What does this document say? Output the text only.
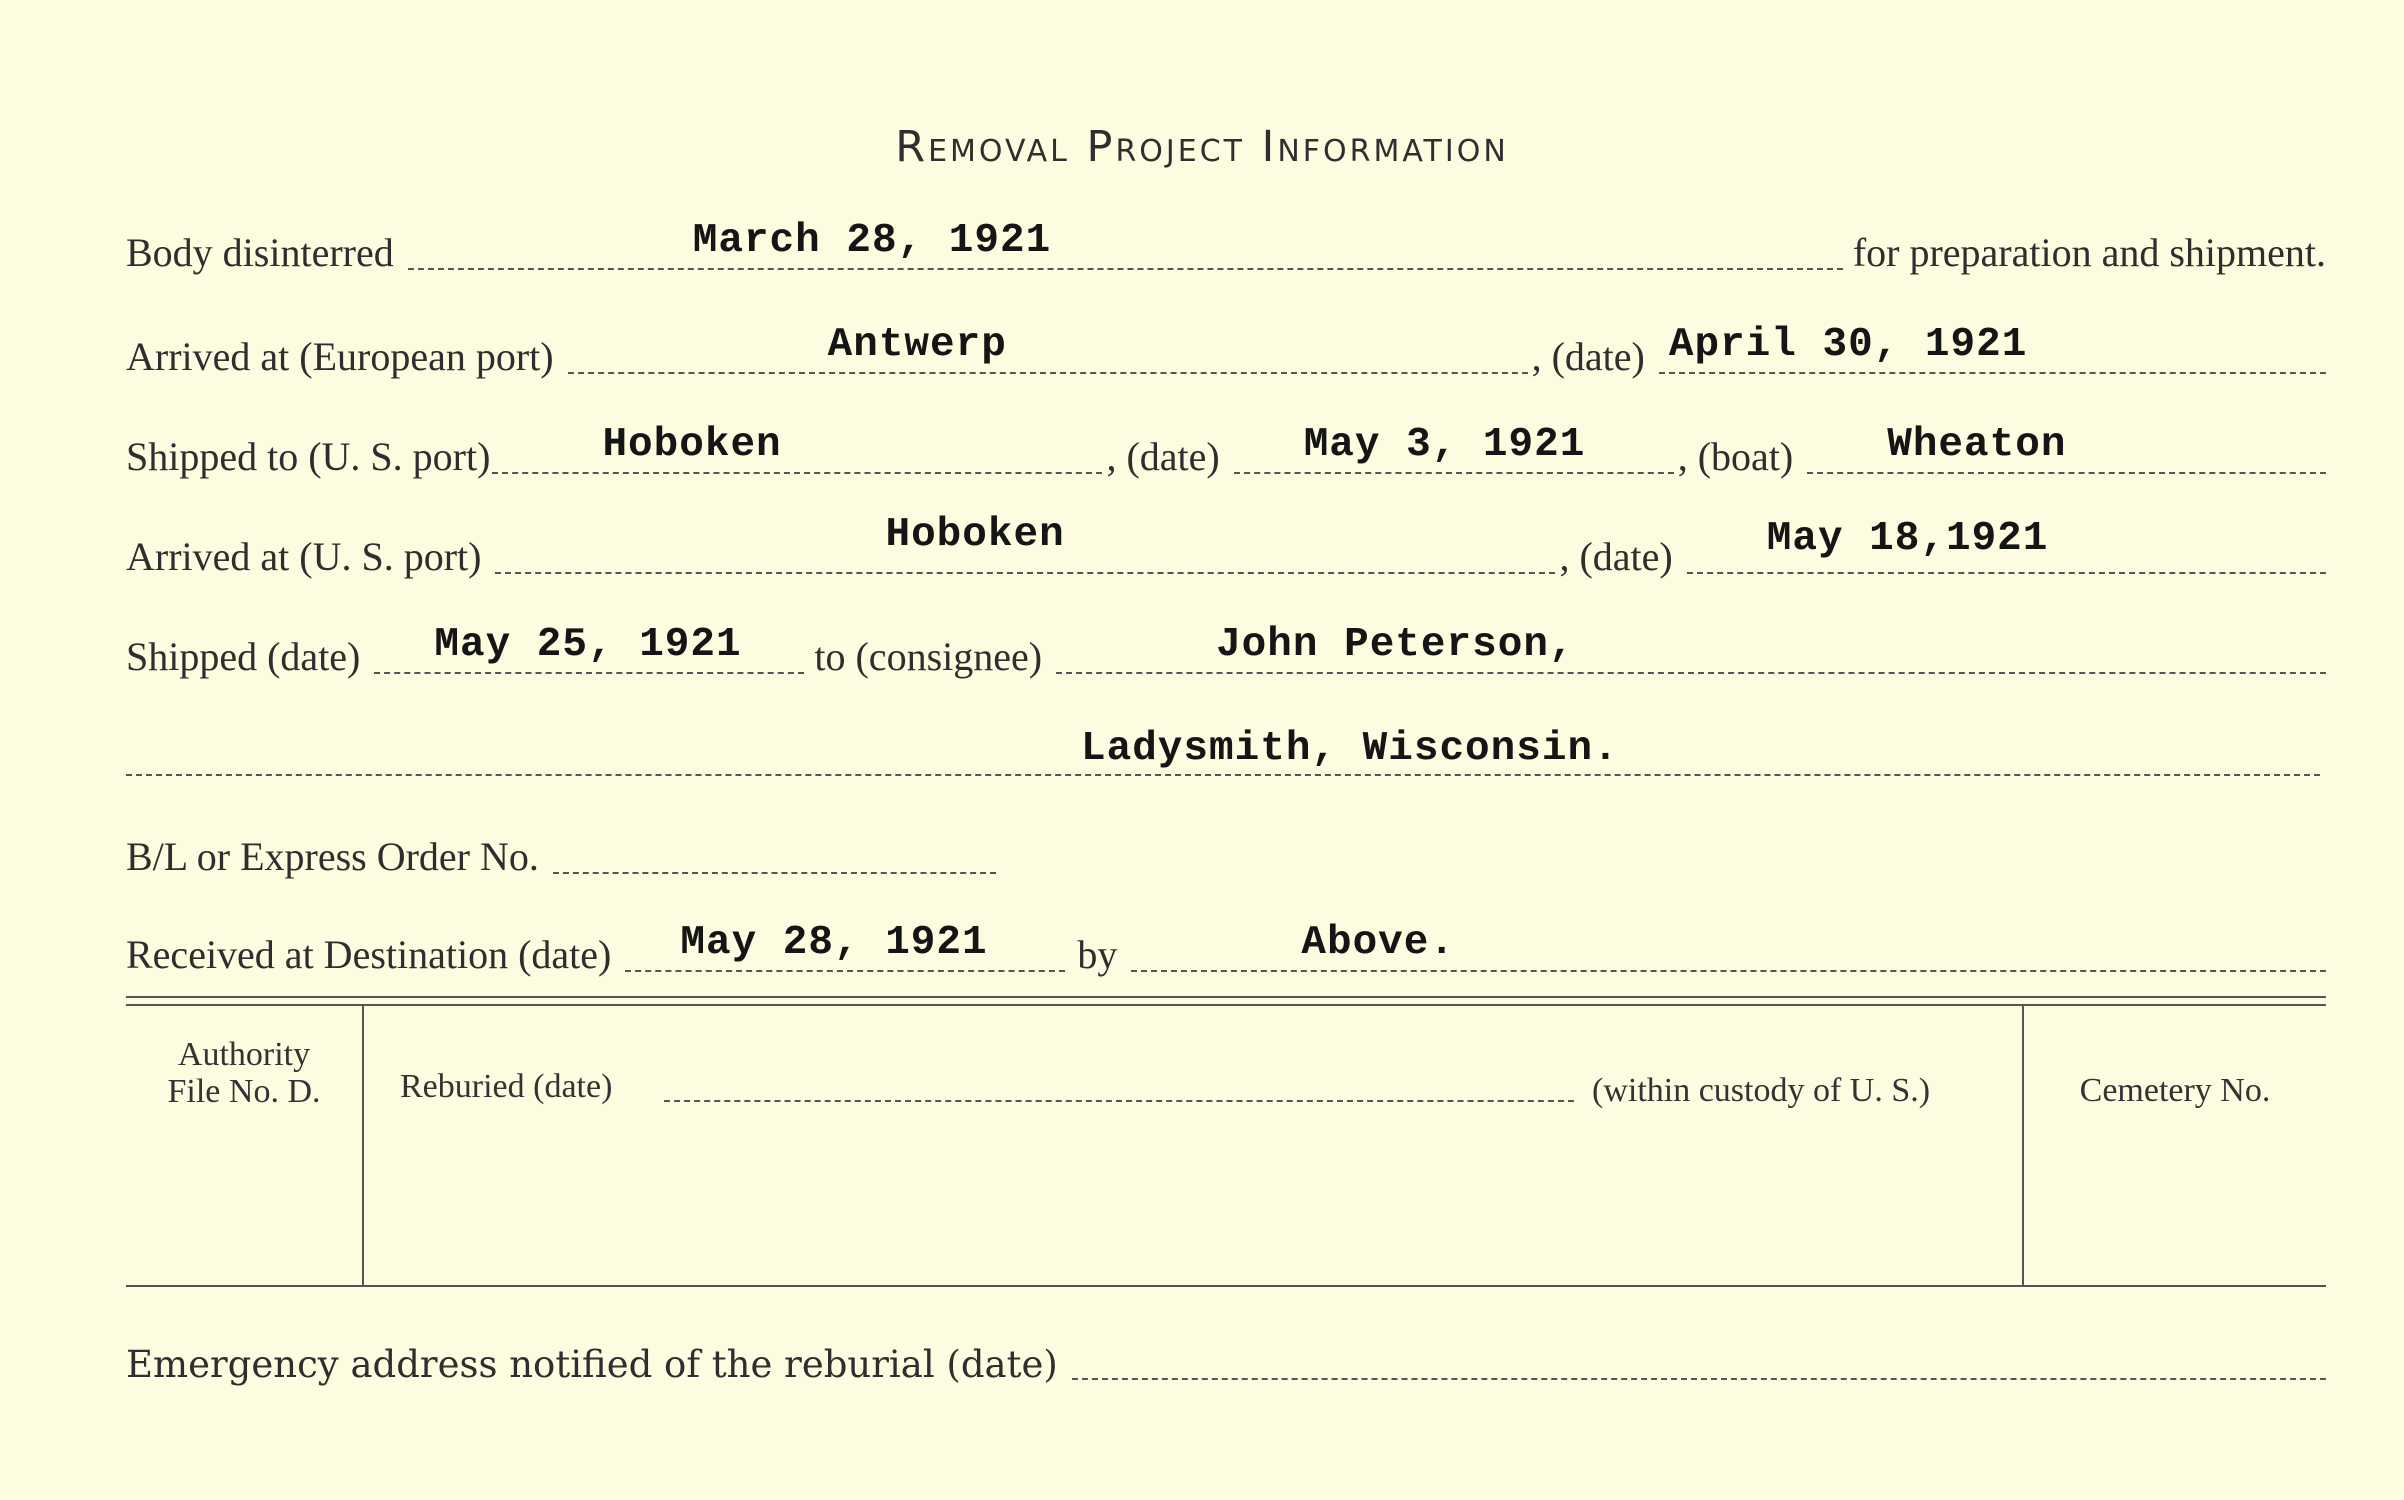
Removal Project Information
Body disinterred	March 28, 1921	for preparation and shipment.
Arrived at (European port)	Antwerp	, (date) April 30, 1921
Shipped to (U. S. port)	Hoboken	, (date) May 3, 1921 , (boat) Wheaton
Arrived at (U. S. port)	Hoboken	, (date) May 18,1921
Shipped (date) May 25, 1921 to (consignee)	John Peterson,
Ladysmith, Wisconsin.
B/L or Express Order No.
Received at Destination (date) May 28, 1921 by	Above.
Authority
File No. D.	Reburied (date)	(within custody of U. S.)	Cemetery No.
Emergency address notified of the reburial (date)
